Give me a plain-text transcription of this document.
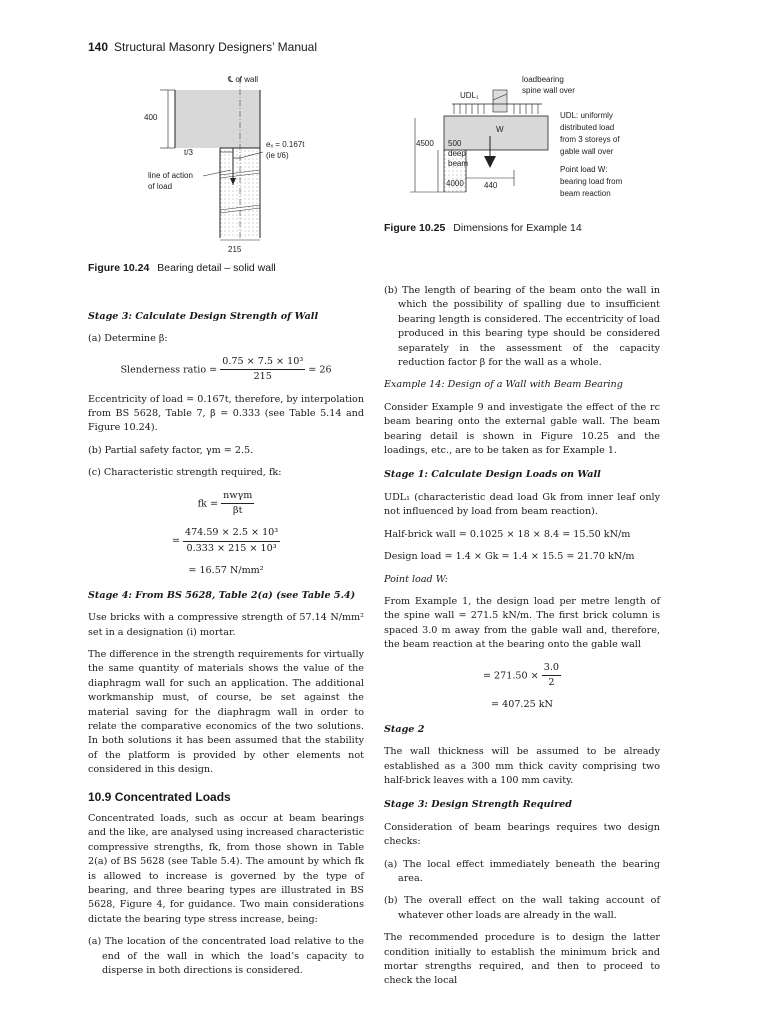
140 Structural Masonry Designers’ Manual
400
℄ of wall
t/3
eₓ = 0.167t
(ie t/6)
line of action
of load
215
Figure 10.24 Bearing detail – solid wall
loadbearing
spine wall over
UDL₁
W
4500 500
deep
beam
4000	440
UDL: uniformly
distributed load
from 3 storeys of
gable wall over
Point load W:
bearing load from
beam reaction
Figure 10.25 Dimensions for Example 14
Stage 3: Calculate Design Strength of Wall

(a) Determine β:

Slenderness ratio = $\frac{\text{0.75 × 7.5 × 10³}}{215} = 26$

Eccentricity of load = 0.167t, therefore, by interpolation from BS 5628, Table 7, β = 0.333 (see Table 5.14 and Figure 10.24).

(b) Partial safety factor, γm = 2.5.

(c) Characteristic strength required, fk:

fk = $\frac{\text{nwγm}}{\beta t}$
= $\frac{\text{474.59 × 2.5 × 10³}}{\text{0.333 × 215 × 10³}}$
= 16.57 N/mm²
Stage 4: From BS 5628, Table 2(a) (see Table 5.4)

Use bricks with a compressive strength of 57.14 N/mm² set in a designation (i) mortar.

The difference in the strength requirements for virtually the same quantity of materials shows the value of the diaphragm wall for such an application. The additional workmanship must, of course, be set against the material saving for the diaphragm wall in order to relate the comparative economics of the two solutions. In both solutions it has been assumed that the stability of the platform is provided by other elements not considered in this design.

10.9 Concentrated Loads

Concentrated loads, such as occur at beam bearings and the like, are analysed using increased characteristic compressive strengths, fk, from those shown in Table 2(a) of BS 5628 (see Table 5.4). The amount by which fk is allowed to increase is governed by the type of bearing, and three bearing types are illustrated in BS 5628, Figure 4, for guidance. Two main considerations dictate the bearing type stress increase, being:

(a) The location of the concentrated load relative to the end of the wall in which the load’s capacity to disperse in both directions is considered.

(b) The length of bearing of the beam onto the wall in which the possibility of spalling due to insufficient bearing length is considered. The eccentricity of load produced in this bearing type should be considered separately in the assessment of the capacity reduction factor β for the wall as a whole.

Example 14: Design of a Wall with Beam Bearing

Consider Example 9 and investigate the effect of the rc beam bearing onto the external gable wall. The beam bearing detail is shown in Figure 10.25 and the loadings, etc., are to be taken as for Example 1.

Stage 1: Calculate Design Loads on Wall

UDL₁ (characteristic dead load Gk from inner leaf only not influenced by load from beam reaction).

Half-brick wall = 0.1025 × 18 × 8.4 = 15.50 kN/m

Design load = 1.4 × Gk = 1.4 × 15.5 = 21.70 kN/m

Point load W:

From Example 1, the design load per metre length of the spine wall = 271.5 kN/m. The first brick column is spaced 3.0 m away from the gable wall and, therefore, the beam reaction at the bearing onto the gable wall

= $271.50 \times \frac{3.0}{2}$
= 407.25 kN
Stage 2

The wall thickness will be assumed to be already established as a 300 mm thick cavity comprising two half-brick leaves with a 100 mm cavity.

Stage 3: Design Strength Required

Consideration of beam bearings requires two design checks:

(a) The local effect immediately beneath the bearing area.

(b) The overall effect on the wall taking account of whatever other loads are already in the wall.

The recommended procedure is to design the latter condition initially to establish the minimum brick and mortar strengths required, and then to proceed to check the local
